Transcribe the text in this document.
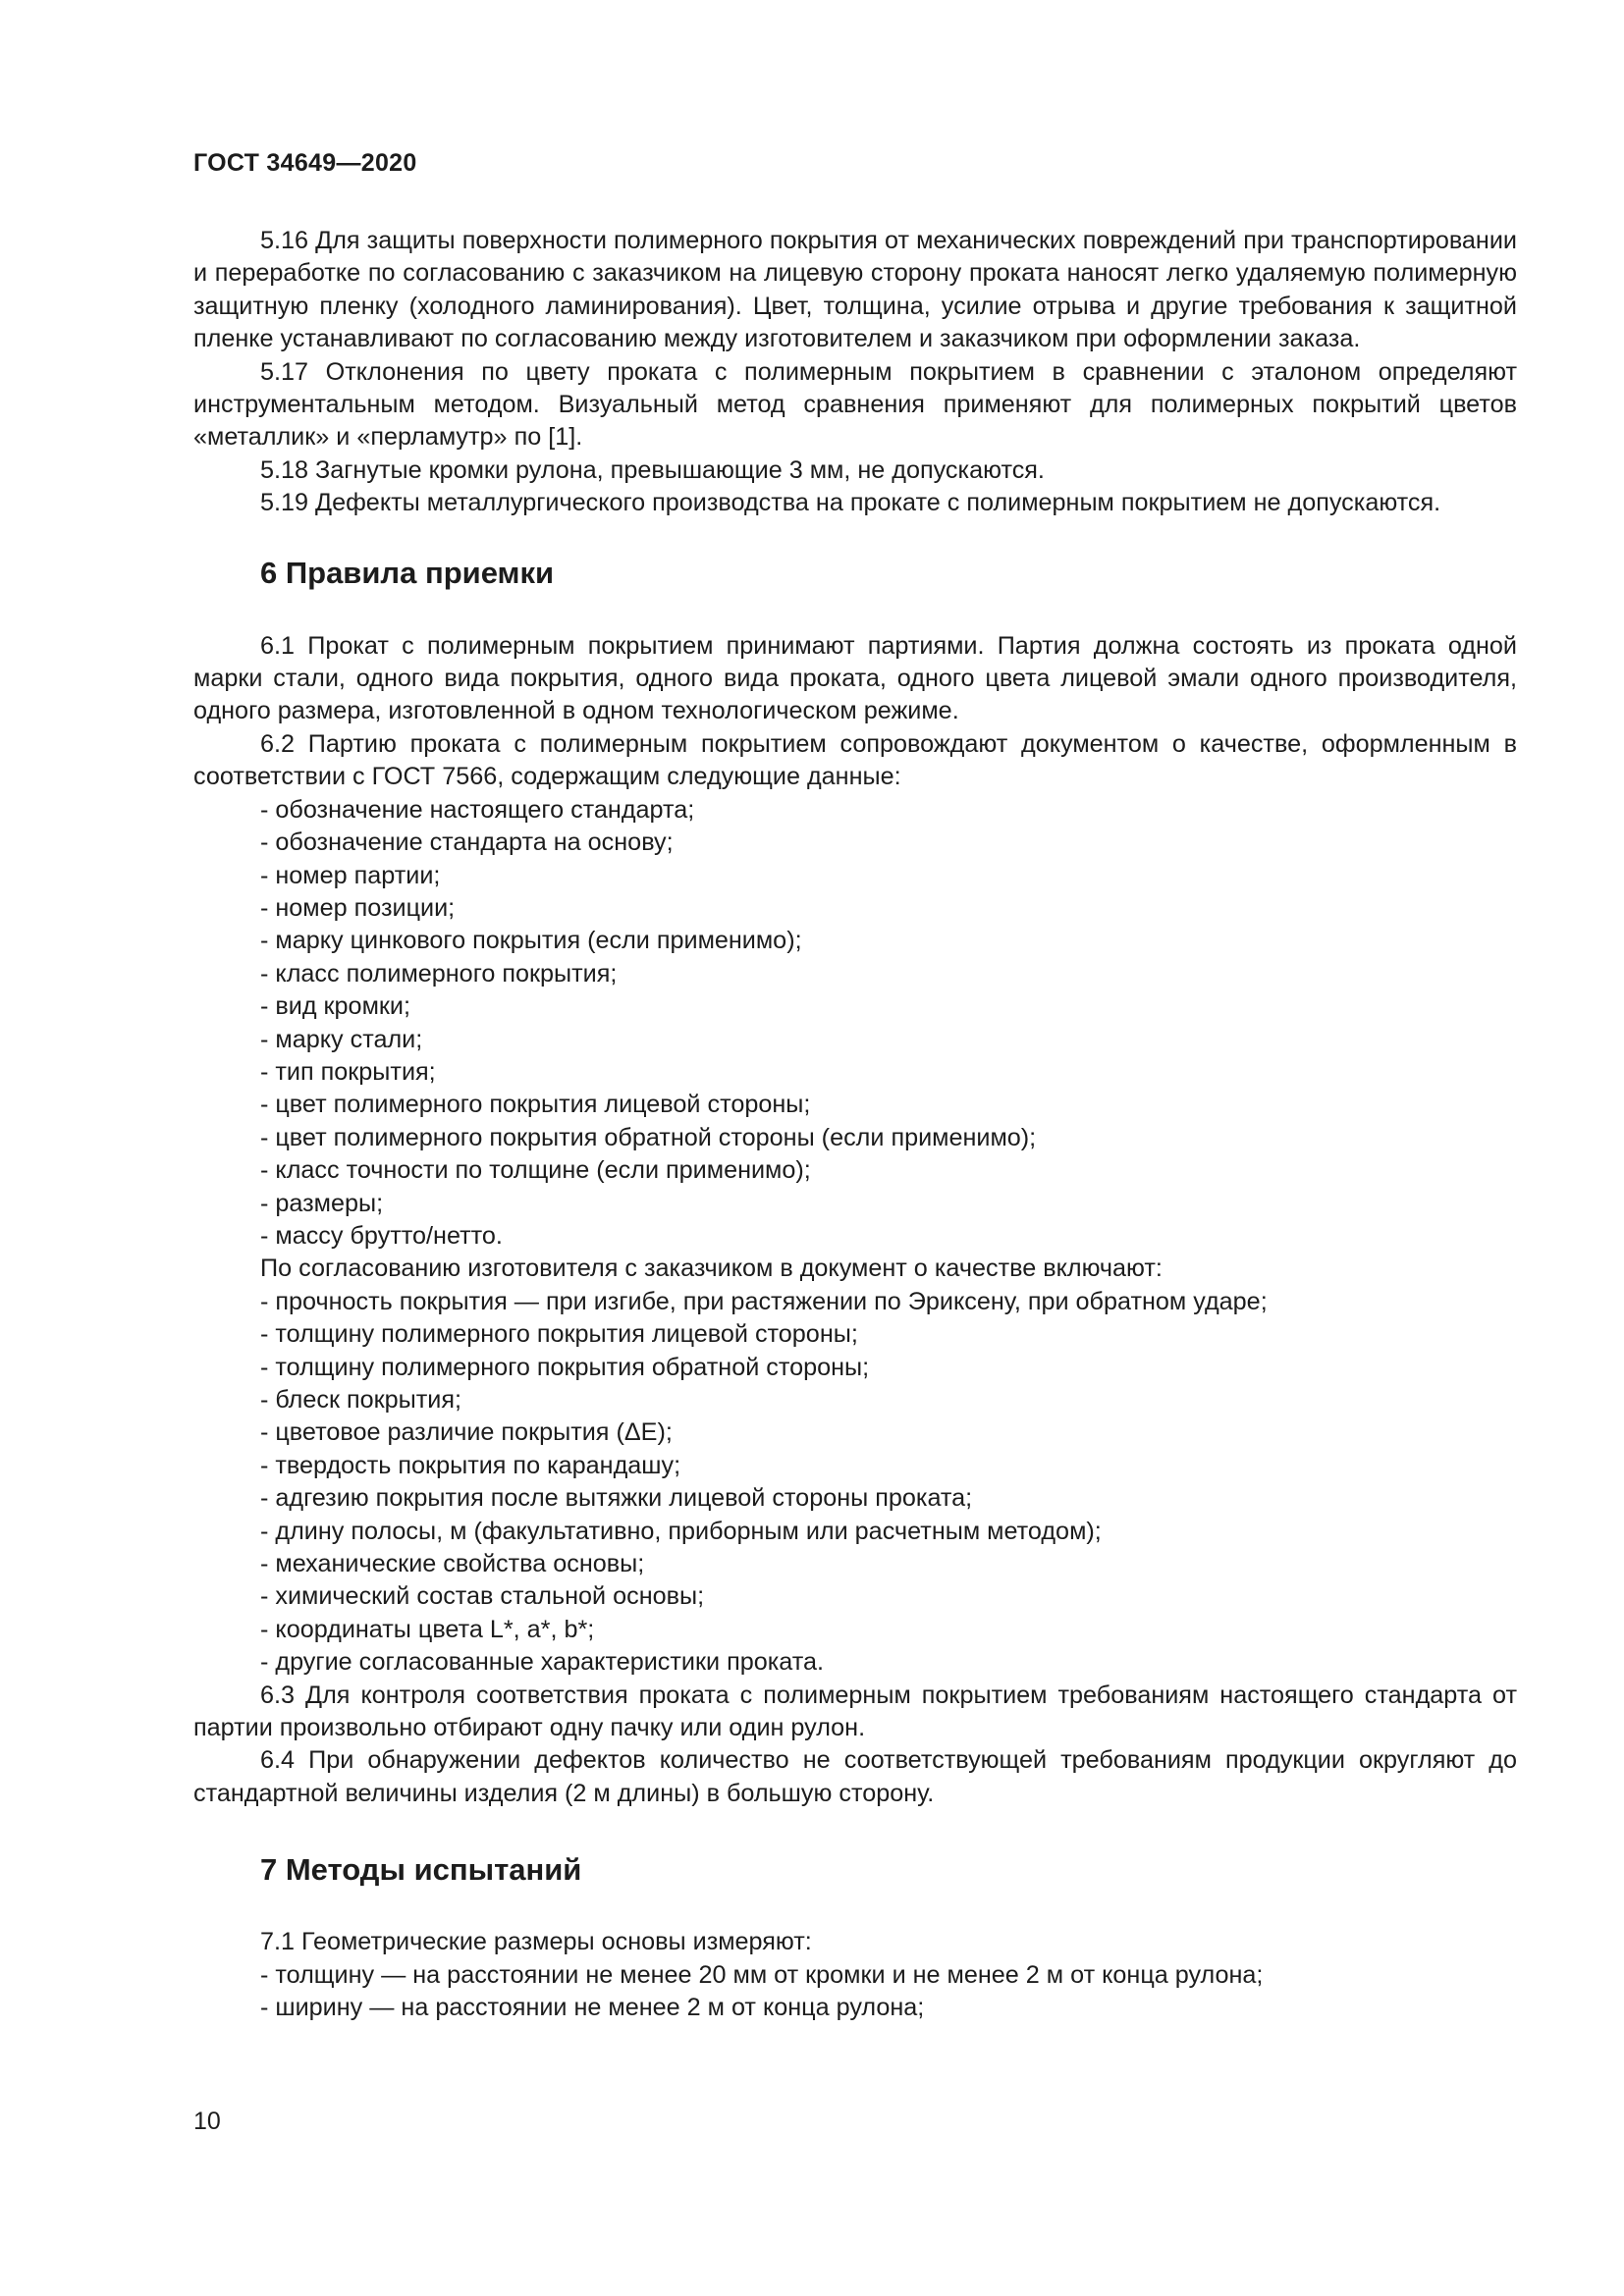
ГОСТ 34649—2020

5.16 Для защиты поверхности полимерного покрытия от механических повреждений при транспортировании и переработке по согласованию с заказчиком на лицевую сторону проката наносят легко удаляемую полимерную защитную пленку (холодного ламинирования). Цвет, толщина, усилие отрыва и другие требования к защитной пленке устанавливают по согласованию между изготовителем и заказчиком при оформлении заказа.

5.17 Отклонения по цвету проката с полимерным покрытием в сравнении с эталоном определяют инструментальным методом. Визуальный метод сравнения применяют для полимерных покрытий цветов «металлик» и «перламутр» по [1].

5.18 Загнутые кромки рулона, превышающие 3 мм, не допускаются.

5.19 Дефекты металлургического производства на прокате с полимерным покрытием не допускаются.

6 Правила приемки

6.1 Прокат с полимерным покрытием принимают партиями. Партия должна состоять из проката одной марки стали, одного вида покрытия, одного вида проката, одного цвета лицевой эмали одного производителя, одного размера, изготовленной в одном технологическом режиме.

6.2 Партию проката с полимерным покрытием сопровождают документом о качестве, оформленным в соответствии с ГОСТ 7566, содержащим следующие данные:

- обозначение настоящего стандарта;

- обозначение стандарта на основу;

- номер партии;

- номер позиции;

- марку цинкового покрытия (если применимо);

- класс полимерного покрытия;

- вид кромки;

- марку стали;

- тип покрытия;

- цвет полимерного покрытия лицевой стороны;

- цвет полимерного покрытия обратной стороны (если применимо);

- класс точности по толщине (если применимо);

- размеры;

- массу брутто/нетто.

По согласованию изготовителя с заказчиком в документ о качестве включают:

- прочность покрытия — при изгибе, при растяжении по Эриксену, при обратном ударе;

- толщину полимерного покрытия лицевой стороны;

- толщину полимерного покрытия обратной стороны;

- блеск покрытия;

- цветовое различие покрытия (ΔE);

- твердость покрытия по карандашу;

- адгезию покрытия после вытяжки лицевой стороны проката;

- длину полосы, м (факультативно, приборным или расчетным методом);

- механические свойства основы;

- химический состав стальной основы;

- координаты цвета L*, a*, b*;

- другие согласованные характеристики проката.

6.3 Для контроля соответствия проката с полимерным покрытием требованиям настоящего стандарта от партии произвольно отбирают одну пачку или один рулон.

6.4 При обнаружении дефектов количество не соответствующей требованиям продукции округляют до стандартной величины изделия (2 м длины) в большую сторону.

7 Методы испытаний

7.1 Геометрические размеры основы измеряют:

- толщину — на расстоянии не менее 20 мм от кромки и не менее 2 м от конца рулона;

- ширину — на расстоянии не менее 2 м от конца рулона;

10
